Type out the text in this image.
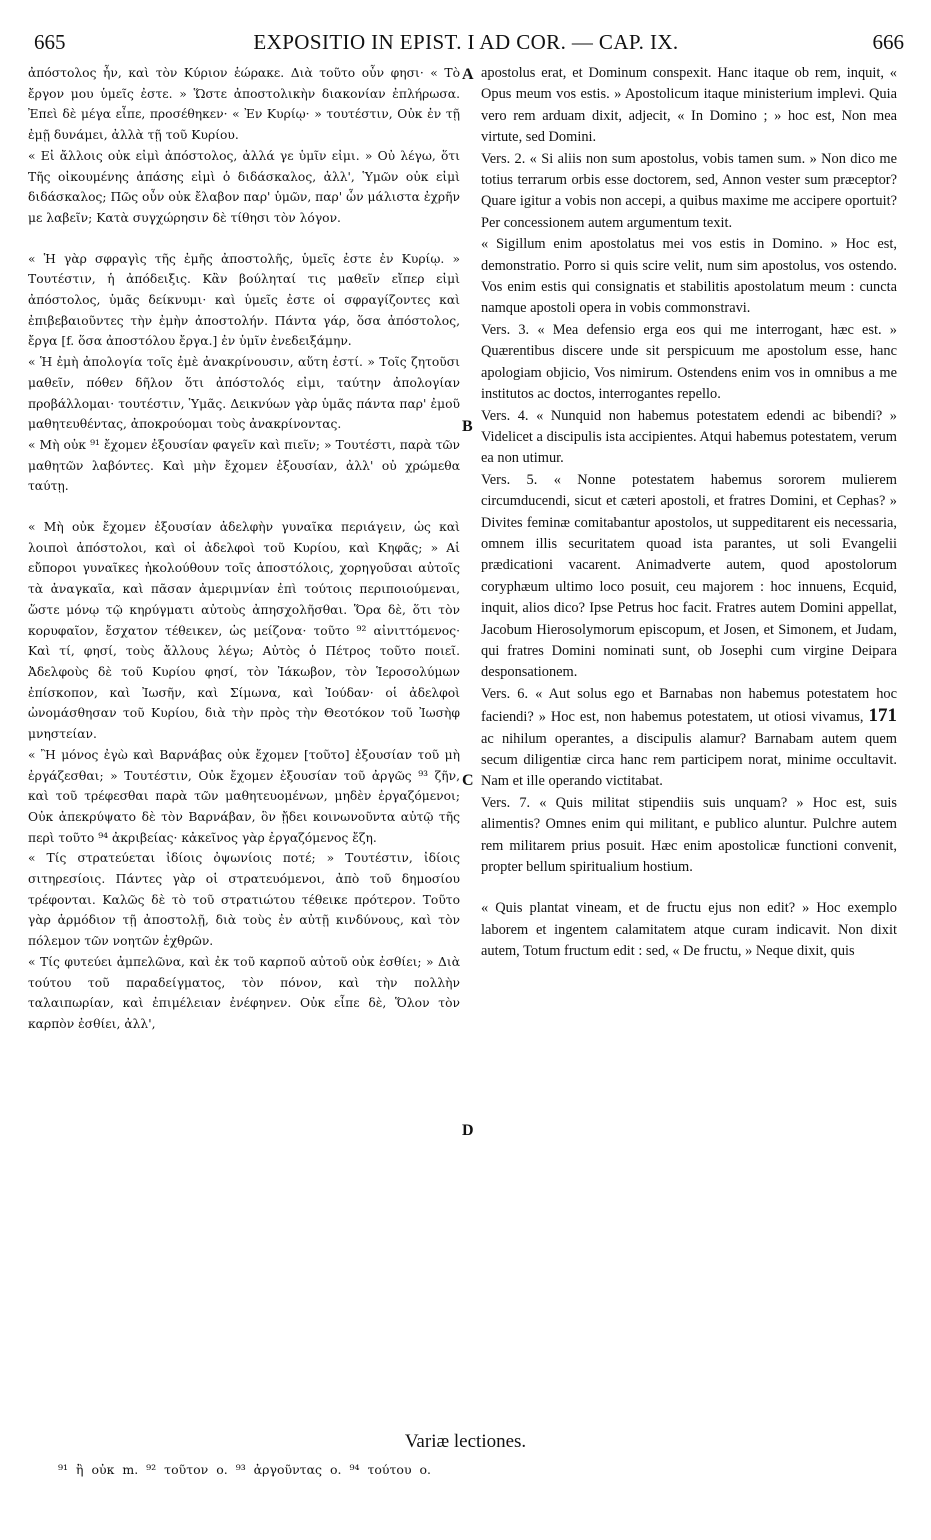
665	EXPOSITIO IN EPIST. I AD COR. — CAP. IX.	666

ἀπόστολος ἦν, καὶ τὸν Κύριον ἑώρακε. Διὰ τοῦτο οὖν φησι· « Τὸ ἔργον μου ὑμεῖς ἐστε. » Ὥστε ἀποστολικὴν διακονίαν ἐπλήρωσα. Ἐπεὶ δὲ μέγα εἶπε, προσέθηκεν· « Ἐν Κυρίῳ· » τουτέστιν, Οὐκ ἐν τῇ ἐμῇ δυνάμει, ἀλλὰ τῇ τοῦ Κυρίου.

« Εἰ ἄλλοις οὐκ εἰμὶ ἀπόστολος, ἀλλά γε ὑμῖν εἰμι. » Οὐ λέγω, ὅτι Τῆς οἰκουμένης ἁπάσης εἰμὶ ὁ διδάσκαλος, ἀλλ', Ὑμῶν οὐκ εἰμὶ διδάσκαλος; Πῶς οὖν οὐκ ἔλαβον παρ' ὑμῶν, παρ' ὧν μάλιστα ἐχρῆν με λαβεῖν; Κατὰ συγχώρησιν δὲ τίθησι τὸν λόγον.

« Ἡ γὰρ σφραγὶς τῆς ἐμῆς ἀποστολῆς, ὑμεῖς ἐστε ἐν Κυρίῳ. » Τουτέστιν, ἡ ἀπόδειξις. Κἂν βούληταί τις μαθεῖν εἴπερ εἰμὶ ἀπόστολος, ὑμᾶς δείκνυμι· καὶ ὑμεῖς ἐστε οἱ σφραγίζοντες καὶ ἐπιβεβαιοῦντες τὴν ἐμὴν ἀποστολήν. Πάντα γάρ, ὅσα ἀπόστολος, ἔργα [f. ὅσα ἀποστόλου ἔργα.] ἐν ὑμῖν ἐνεδειξάμην.

« Ἡ ἐμὴ ἀπολογία τοῖς ἐμὲ ἀνακρίνουσιν, αὕτη ἐστί. » Τοῖς ζητοῦσι μαθεῖν, πόθεν δῆλον ὅτι ἀπόστολός εἰμι, ταύτην ἀπολογίαν προβάλλομαι· τουτέστιν, Ὑμᾶς. Δεικνύων γὰρ ὑμᾶς πάντα παρ' ἐμοῦ μαθητευθέντας, ἀποκρούομαι τοὺς ἀνακρίνοντας.

« Μὴ οὐκ ⁹¹ ἔχομεν ἐξουσίαν φαγεῖν καὶ πιεῖν; » Τουτέστι, παρὰ τῶν μαθητῶν λαβόντες. Καὶ μὴν ἔχομεν ἐξουσίαν, ἀλλ' οὐ χρώμεθα ταύτῃ.

« Μὴ οὐκ ἔχομεν ἐξουσίαν ἀδελφὴν γυναῖκα περιάγειν, ὡς καὶ λοιποὶ ἀπόστολοι, καὶ οἱ ἀδελφοὶ τοῦ Κυρίου, καὶ Κηφᾶς; » Αἱ εὔποροι γυναῖκες ἠκολούθουν τοῖς ἀποστόλοις, χορηγοῦσαι αὐτοῖς τὰ ἀναγκαῖα, καὶ πᾶσαν ἀμεριμνίαν ἐπὶ τούτοις περιποιούμεναι, ὥστε μόνῳ τῷ κηρύγματι αὐτοὺς ἀπησχολῆσθαι. Ὅρα δὲ, ὅτι τὸν κορυφαῖον, ἔσχατον τέθεικεν, ὡς μείζονα· τοῦτο ⁹² αἰνιττόμενος· Καὶ τί, φησί, τοὺς ἄλλους λέγω; Αὐτὸς ὁ Πέτρος τοῦτο ποιεῖ. Ἀδελφοὺς δὲ τοῦ Κυρίου φησί, τὸν Ἰάκωβον, τὸν Ἱεροσολύμων ἐπίσκοπον, καὶ Ἰωσῆν, καὶ Σίμωνα, καὶ Ἰούδαν· οἱ ἀδελφοὶ ὠνομάσθησαν τοῦ Κυρίου, διὰ τὴν πρὸς τὴν Θεοτόκον τοῦ Ἰωσὴφ μνηστείαν.

« Ἢ μόνος ἐγὼ καὶ Βαρνάβας οὐκ ἔχομεν [τοῦτο] ἐξουσίαν τοῦ μὴ ἐργάζεσθαι; » Τουτέστιν, Οὐκ ἔχομεν ἐξουσίαν τοῦ ἀργῶς ⁹³ ζῆν, καὶ τοῦ τρέφεσθαι παρὰ τῶν μαθητευομένων, μηδὲν ἐργαζόμενοι; Οὐκ ἀπεκρύψατο δὲ τὸν Βαρνάβαν, ὃν ᾔδει κοινωνοῦντα αὐτῷ τῆς περὶ τοῦτο ⁹⁴ ἀκριβείας· κἀκεῖνος γὰρ ἐργαζόμενος ἔζη.

« Τίς στρατεύεται ἰδίοις ὀψωνίοις ποτέ; » Τουτέστιν, ἰδίοις σιτηρεσίοις. Πάντες γὰρ οἱ στρατευόμενοι, ἀπὸ τοῦ δημοσίου τρέφονται. Καλῶς δὲ τὸ τοῦ στρατιώτου τέθεικε πρότερον. Τοῦτο γὰρ ἁρμόδιον τῇ ἀποστολῇ, διὰ τοὺς ἐν αὐτῇ κινδύνους, καὶ τὸν πόλεμον τῶν νοητῶν ἐχθρῶν.

« Τίς φυτεύει ἀμπελῶνα, καὶ ἐκ τοῦ καρποῦ αὐτοῦ οὐκ ἐσθίει; » Διὰ τούτου τοῦ παραδείγματος, τὸν πόνον, καὶ τὴν πολλὴν ταλαιπωρίαν, καὶ ἐπιμέλειαν ἐνέφηνεν. Οὐκ εἶπε δὲ, Ὅλον τὸν καρπὸν ἐσθίει, ἀλλ',

A
B
C
D

apostolus erat, et Dominum conspexit. Hanc itaque ob rem, inquit, « Opus meum vos estis. » Apostolicum itaque ministerium implevi. Quia vero rem arduam dixit, adjecit, « In Domino ; » hoc est, Non mea virtute, sed Domini.

Vers. 2. « Si aliis non sum apostolus, vobis tamen sum. » Non dico me totius terrarum orbis esse doctorem, sed, Annon vester sum præceptor? Quare igitur a vobis non accepi, a quibus maxime me accipere oportuit? Per concessionem autem argumentum texit.

« Sigillum enim apostolatus mei vos estis in Domino. » Hoc est, demonstratio. Porro si quis scire velit, num sim apostolus, vos ostendo. Vos enim estis qui consignatis et stabilitis apostolatum meum : cuncta namque apostoli opera in vobis commonstravi.

Vers. 3. « Mea defensio erga eos qui me interrogant, hæc est. » Quærentibus discere unde sit perspicuum me apostolum esse, hanc apologiam objicio, Vos nimirum. Ostendens enim vos in omnibus a me institutos ac doctos, interrogantes repello.

Vers. 4. « Nunquid non habemus potestatem edendi ac bibendi? » Videlicet a discipulis ista accipientes. Atqui habemus potestatem, verum ea non utimur.

Vers. 5. « Nonne potestatem habemus sororem mulierem circumducendi, sicut et cæteri apostoli, et fratres Domini, et Cephas? » Divites feminæ comitabantur apostolos, ut suppeditarent eis necessaria, omnem illis securitatem quoad ista parantes, ut soli Evangelii prædicationi vacarent. Animadverte autem, quod apostolorum coryphæum ultimo loco posuit, ceu majorem : hoc innuens, Ecquid, inquit, alios dico? Ipse Petrus hoc facit. Fratres autem Domini appellat, Jacobum Hierosolymorum episcopum, et Josen, et Simonem, et Judam, qui fratres Domini nominati sunt, ob Josephi cum virgine Deipara desponsationem.

Vers. 6. « Aut solus ego et Barnabas non habemus potestatem hoc faciendi? » Hoc est, non habemus potestatem, ut otiosi vivamus, 171 ac nihilum operantes, a discipulis alamur? Barnabam autem quem secum diligentiæ circa hanc rem participem norat, minime occultavit. Nam et ille operando victitabat.

Vers. 7. « Quis militat stipendiis suis unquam? » Hoc est, suis alimentis? Omnes enim qui militant, e publico aluntur. Pulchre autem rem militarem prius posuit. Hæc enim apostolicæ functioni convenit, propter bellum spiritualium hostium.

« Quis plantat vineam, et de fructu ejus non edit? » Hoc exemplo laborem et ingentem calamitatem atque curam indicavit. Non dixit autem, Totum fructum edit : sed, « De fructu, » Neque dixit, quis

Variæ lectiones.
⁹¹ ἢ οὐκ m. ⁹² τοῦτον ο. ⁹³ ἀργοῦντας ο. ⁹⁴ τούτου ο.
